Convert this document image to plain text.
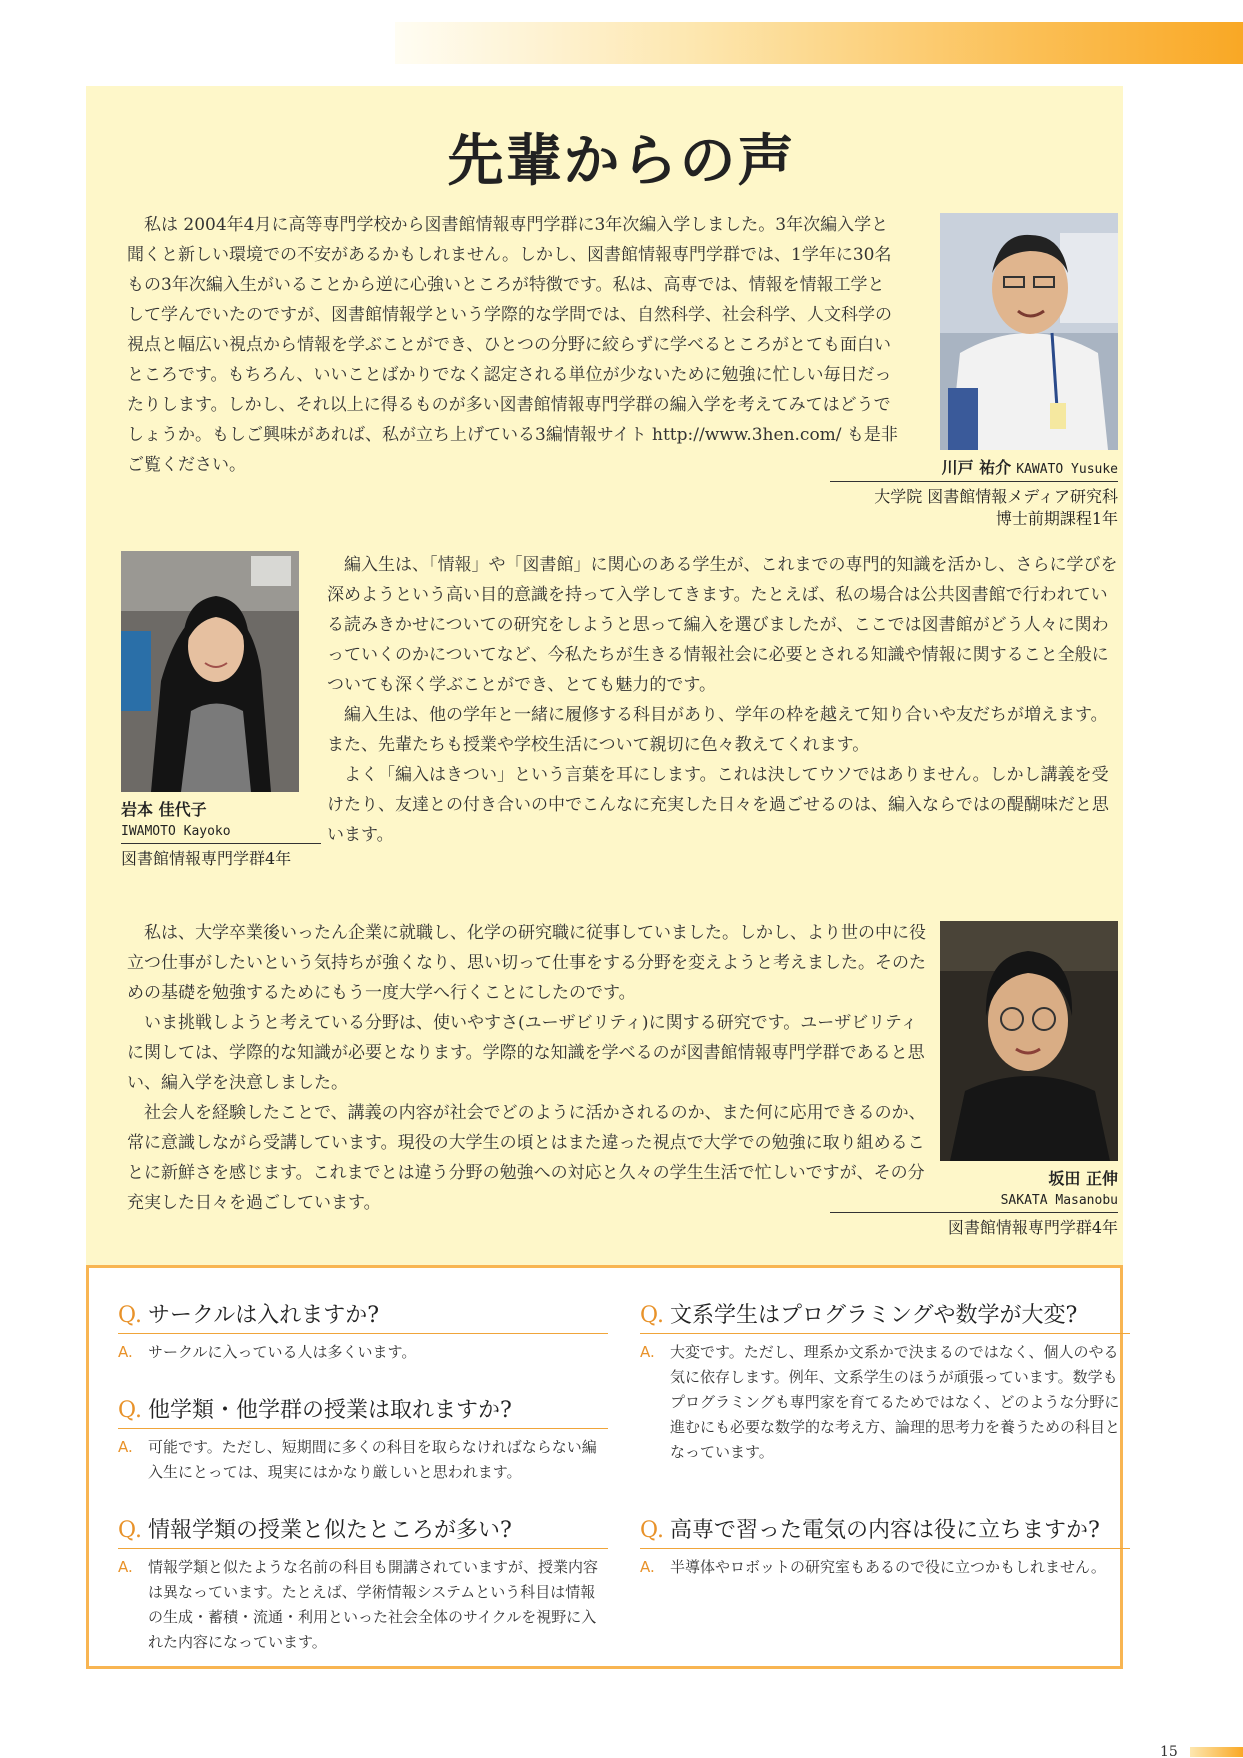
先輩からの声

私は 2004年4月に高等専門学校から図書館情報専門学群に3年次編入学しました。3年次編入学と聞くと新しい環境での不安があるかもしれません。しかし、図書館情報専門学群では、1学年に30名もの3年次編入生がいることから逆に心強いところが特徴です。私は、高専では、情報を情報工学として学んでいたのですが、図書館情報学という学際的な学問では、自然科学、社会科学、人文科学の視点と幅広い視点から情報を学ぶことができ、ひとつの分野に絞らずに学べるところがとても面白いところです。もちろん、いいことばかりでなく認定される単位が少ないために勉強に忙しい毎日だったりします。しかし、それ以上に得るものが多い図書館情報専門学群の編入学を考えてみてはどうでしょうか。もしご興味があれば、私が立ち上げている3編情報サイト http://www.3hen.com/ も是非ご覧ください。	川戸 祐介 KAWATO Yusuke
大学院 図書館情報メディア研究科
博士前期課程1年
岩本 佳代子
IWAMOTO Kayoko
図書館情報専門学群4年

編入生は、「情報」や「図書館」に関心のある学生が、これまでの専門的知識を活かし、さらに学びを深めようという高い目的意識を持って入学してきます。たとえば、私の場合は公共図書館で行われている読みきかせについての研究をしようと思って編入を選びましたが、ここでは図書館がどう人々に関わっていくのかについてなど、今私たちが生きる情報社会に必要とされる知識や情報に関すること全般についても深く学ぶことができ、とても魅力的です。

編入生は、他の学年と一緒に履修する科目があり、学年の枠を越えて知り合いや友だちが増えます。また、先輩たちも授業や学校生活について親切に色々教えてくれます。

よく「編入はきつい」という言葉を耳にします。これは決してウソではありません。しかし講義を受けたり、友達との付き合いの中でこんなに充実した日々を過ごせるのは、編入ならではの醍醐味だと思います。

私は、大学卒業後いったん企業に就職し、化学の研究職に従事していました。しかし、より世の中に役立つ仕事がしたいという気持ちが強くなり、思い切って仕事をする分野を変えようと考えました。そのための基礎を勉強するためにもう一度大学へ行くことにしたのです。

いま挑戦しようと考えている分野は、使いやすさ(ユーザビリティ)に関する研究です。ユーザビリティに関しては、学際的な知識が必要となります。学際的な知識を学べるのが図書館情報専門学群であると思い、編入学を決意しました。

社会人を経験したことで、講義の内容が社会でどのように活かされるのか、また何に応用できるのか、常に意識しながら受講しています。現役の大学生の頃とはまた違った視点で大学での勉強に取り組めることに新鮮さを感じます。これまでとは違う分野の勉強への対応と久々の学生生活で忙しいですが、その分充実した日々を過ごしています。

坂田 正伸
SAKATA Masanobu
図書館情報専門学群4年
Q. サークルは入れますか?
A.	サークルに入っている人は多くいます。
Q. 他学類・他学群の授業は取れますか?
A.	可能です。ただし、短期間に多くの科目を取らなければならない編入生にとっては、現実にはかなり厳しいと思われます。
Q. 情報学類の授業と似たところが多い?
A.	情報学類と似たような名前の科目も開講されていますが、授業内容は異なっています。たとえば、学術情報システムという科目は情報の生成・蓄積・流通・利用といった社会全体のサイクルを視野に入れた内容になっています。
Q. 文系学生はプログラミングや数学が大変?
A.	大変です。ただし、理系か文系かで決まるのではなく、個人のやる気に依存します。例年、文系学生のほうが頑張っています。数学もプログラミングも専門家を育てるためではなく、どのような分野に進むにも必要な数学的な考え方、論理的思考力を養うための科目となっています。
Q. 高専で習った電気の内容は役に立ちますか?
A.	半導体やロボットの研究室もあるので役に立つかもしれません。
15
